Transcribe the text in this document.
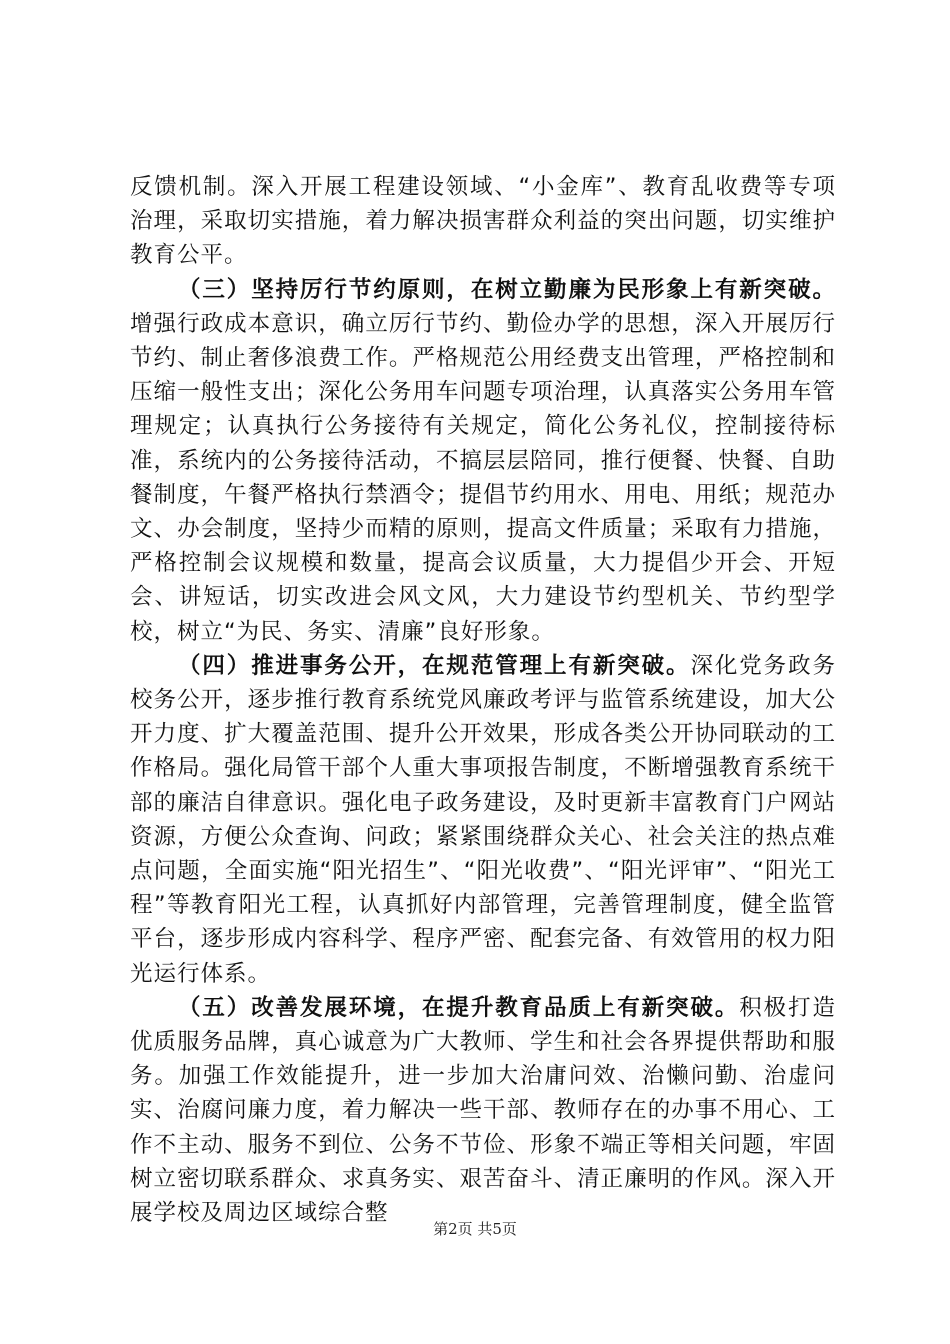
反馈机制。深入开展工程建设领域、“小金库”、教育乱收费等专项治理，采取切实措施，着力解决损害群众利益的突出问题，切实维护教育公平。

（三）坚持厉行节约原则，在树立勤廉为民形象上有新突破。增强行政成本意识，确立厉行节约、勤俭办学的思想，深入开展厉行节约、制止奢侈浪费工作。严格规范公用经费支出管理，严格控制和压缩一般性支出；深化公务用车问题专项治理，认真落实公务用车管理规定；认真执行公务接待有关规定，简化公务礼仪，控制接待标准，系统内的公务接待活动，不搞层层陪同，推行便餐、快餐、自助餐制度，午餐严格执行禁酒令；提倡节约用水、用电、用纸；规范办文、办会制度，坚持少而精的原则，提高文件质量；采取有力措施，严格控制会议规模和数量，提高会议质量，大力提倡少开会、开短会、讲短话，切实改进会风文风，大力建设节约型机关、节约型学校，树立“为民、务实、清廉”良好形象。

（四）推进事务公开，在规范管理上有新突破。深化党务政务校务公开，逐步推行教育系统党风廉政考评与监管系统建设，加大公开力度、扩大覆盖范围、提升公开效果，形成各类公开协同联动的工作格局。强化局管干部个人重大事项报告制度，不断增强教育系统干部的廉洁自律意识。强化电子政务建设，及时更新丰富教育门户网站资源，方便公众查询、问政；紧紧围绕群众关心、社会关注的热点难点问题，全面实施“阳光招生”、“阳光收费”、“阳光评审”、“阳光工程”等教育阳光工程，认真抓好内部管理，完善管理制度，健全监管平台，逐步形成内容科学、程序严密、配套完备、有效管用的权力阳光运行体系。

（五）改善发展环境，在提升教育品质上有新突破。积极打造优质服务品牌，真心诚意为广大教师、学生和社会各界提供帮助和服务。加强工作效能提升，进一步加大治庸问效、治懒问勤、治虚问实、治腐问廉力度，着力解决一些干部、教师存在的办事不用心、工作不主动、服务不到位、公务不节俭、形象不端正等相关问题，牢固树立密切联系群众、求真务实、艰苦奋斗、清正廉明的作风。深入开展学校及周边区域综合整

第2页 共5页
